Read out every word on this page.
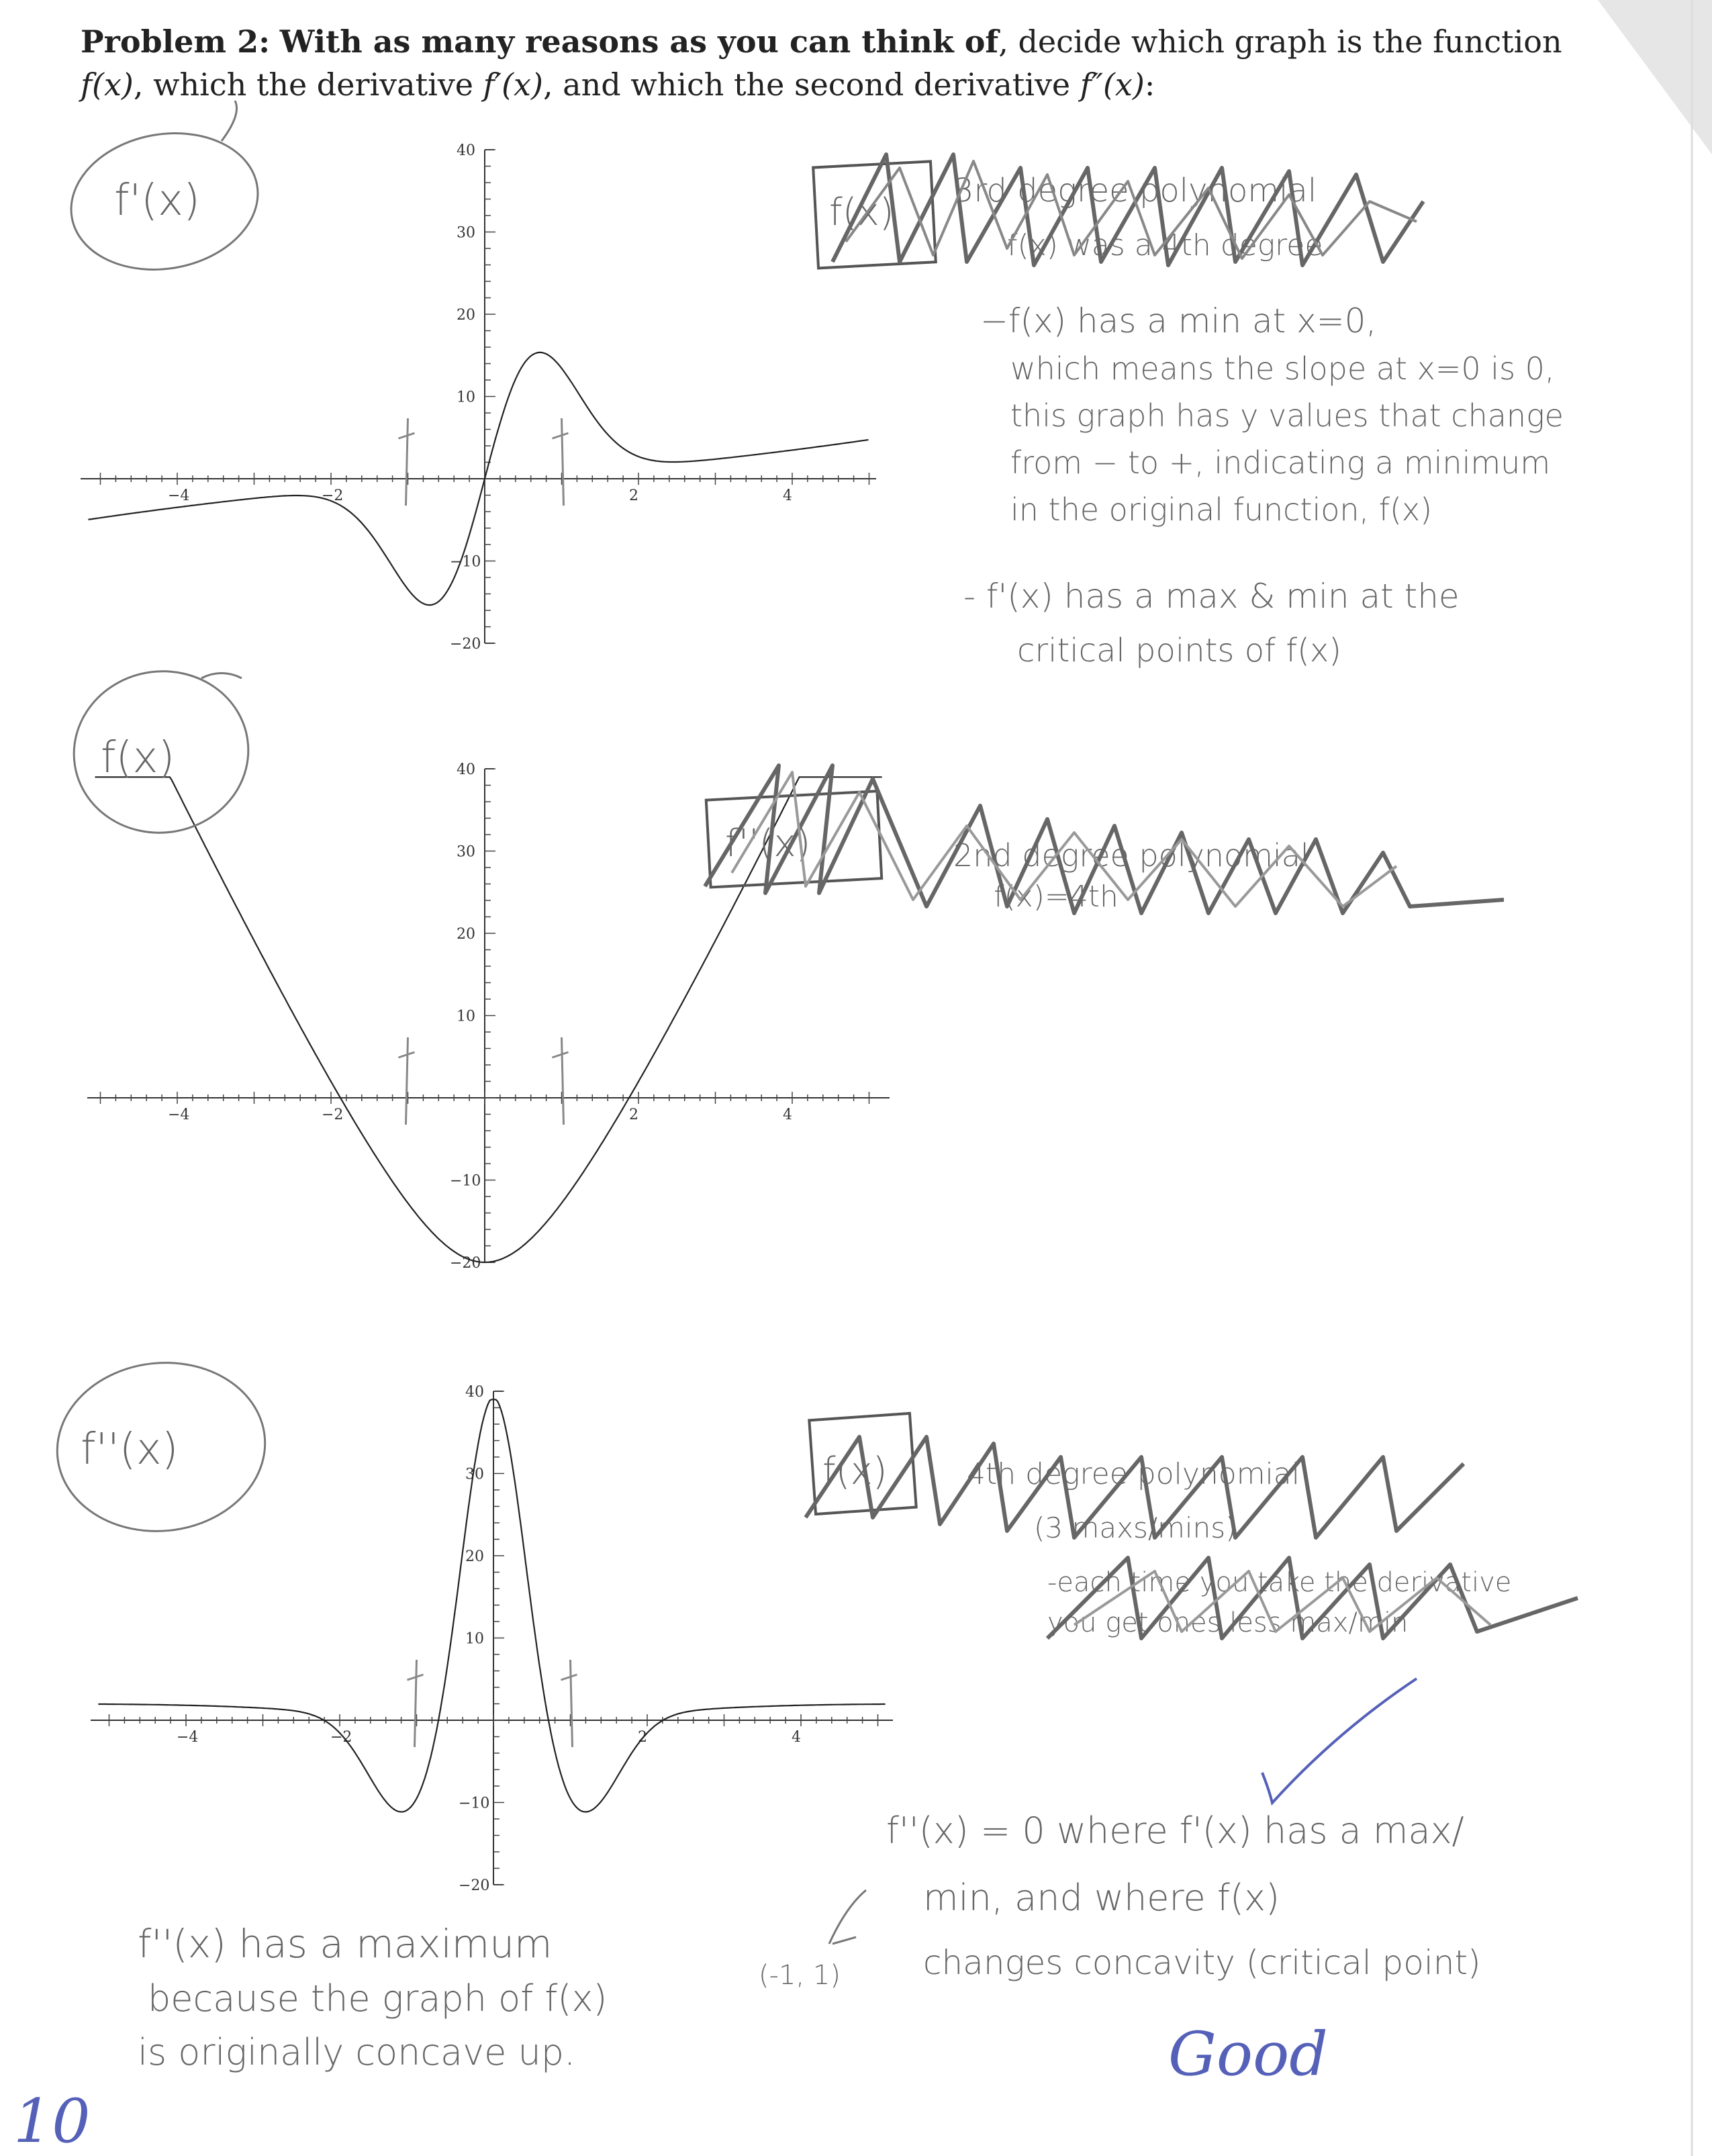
Problem 2: With as many reasons as you can think of, decide which graph is the function
f(x), which the derivative f′(x), and which the second derivative f″(x):
−4	−2	2	4
40
30
20
10
−10
−20
−4	−2	2	4
40
30
20
10
−10
−20
−4	−2	2	4
40
30
20
10
−10
−20
f'(x)
f(x)
f''(x)
f(x) 3rd degree polynomial
f(x) was a 4th degree
−f(x) has a min at x=0,
which means the slope at x=0 is 0,
this graph has y values that change
from − to +, indicating a minimum
in the original function, f(x)
- f'(x) has a max & min at the
critical points of f(x)
f''(x)	2nd degree polynomial
f(x)=4th
f(x)	4th degree polynomial
(3 maxs/mins)
-each time you take the derivative
you get ones less max/min
f''(x) = 0 where f'(x) has a max/
min, and where f(x)
changes concavity (critical point)
(-1, 1)
f''(x) has a maximum
because the graph of f(x)
is originally concave up.	Good
10
